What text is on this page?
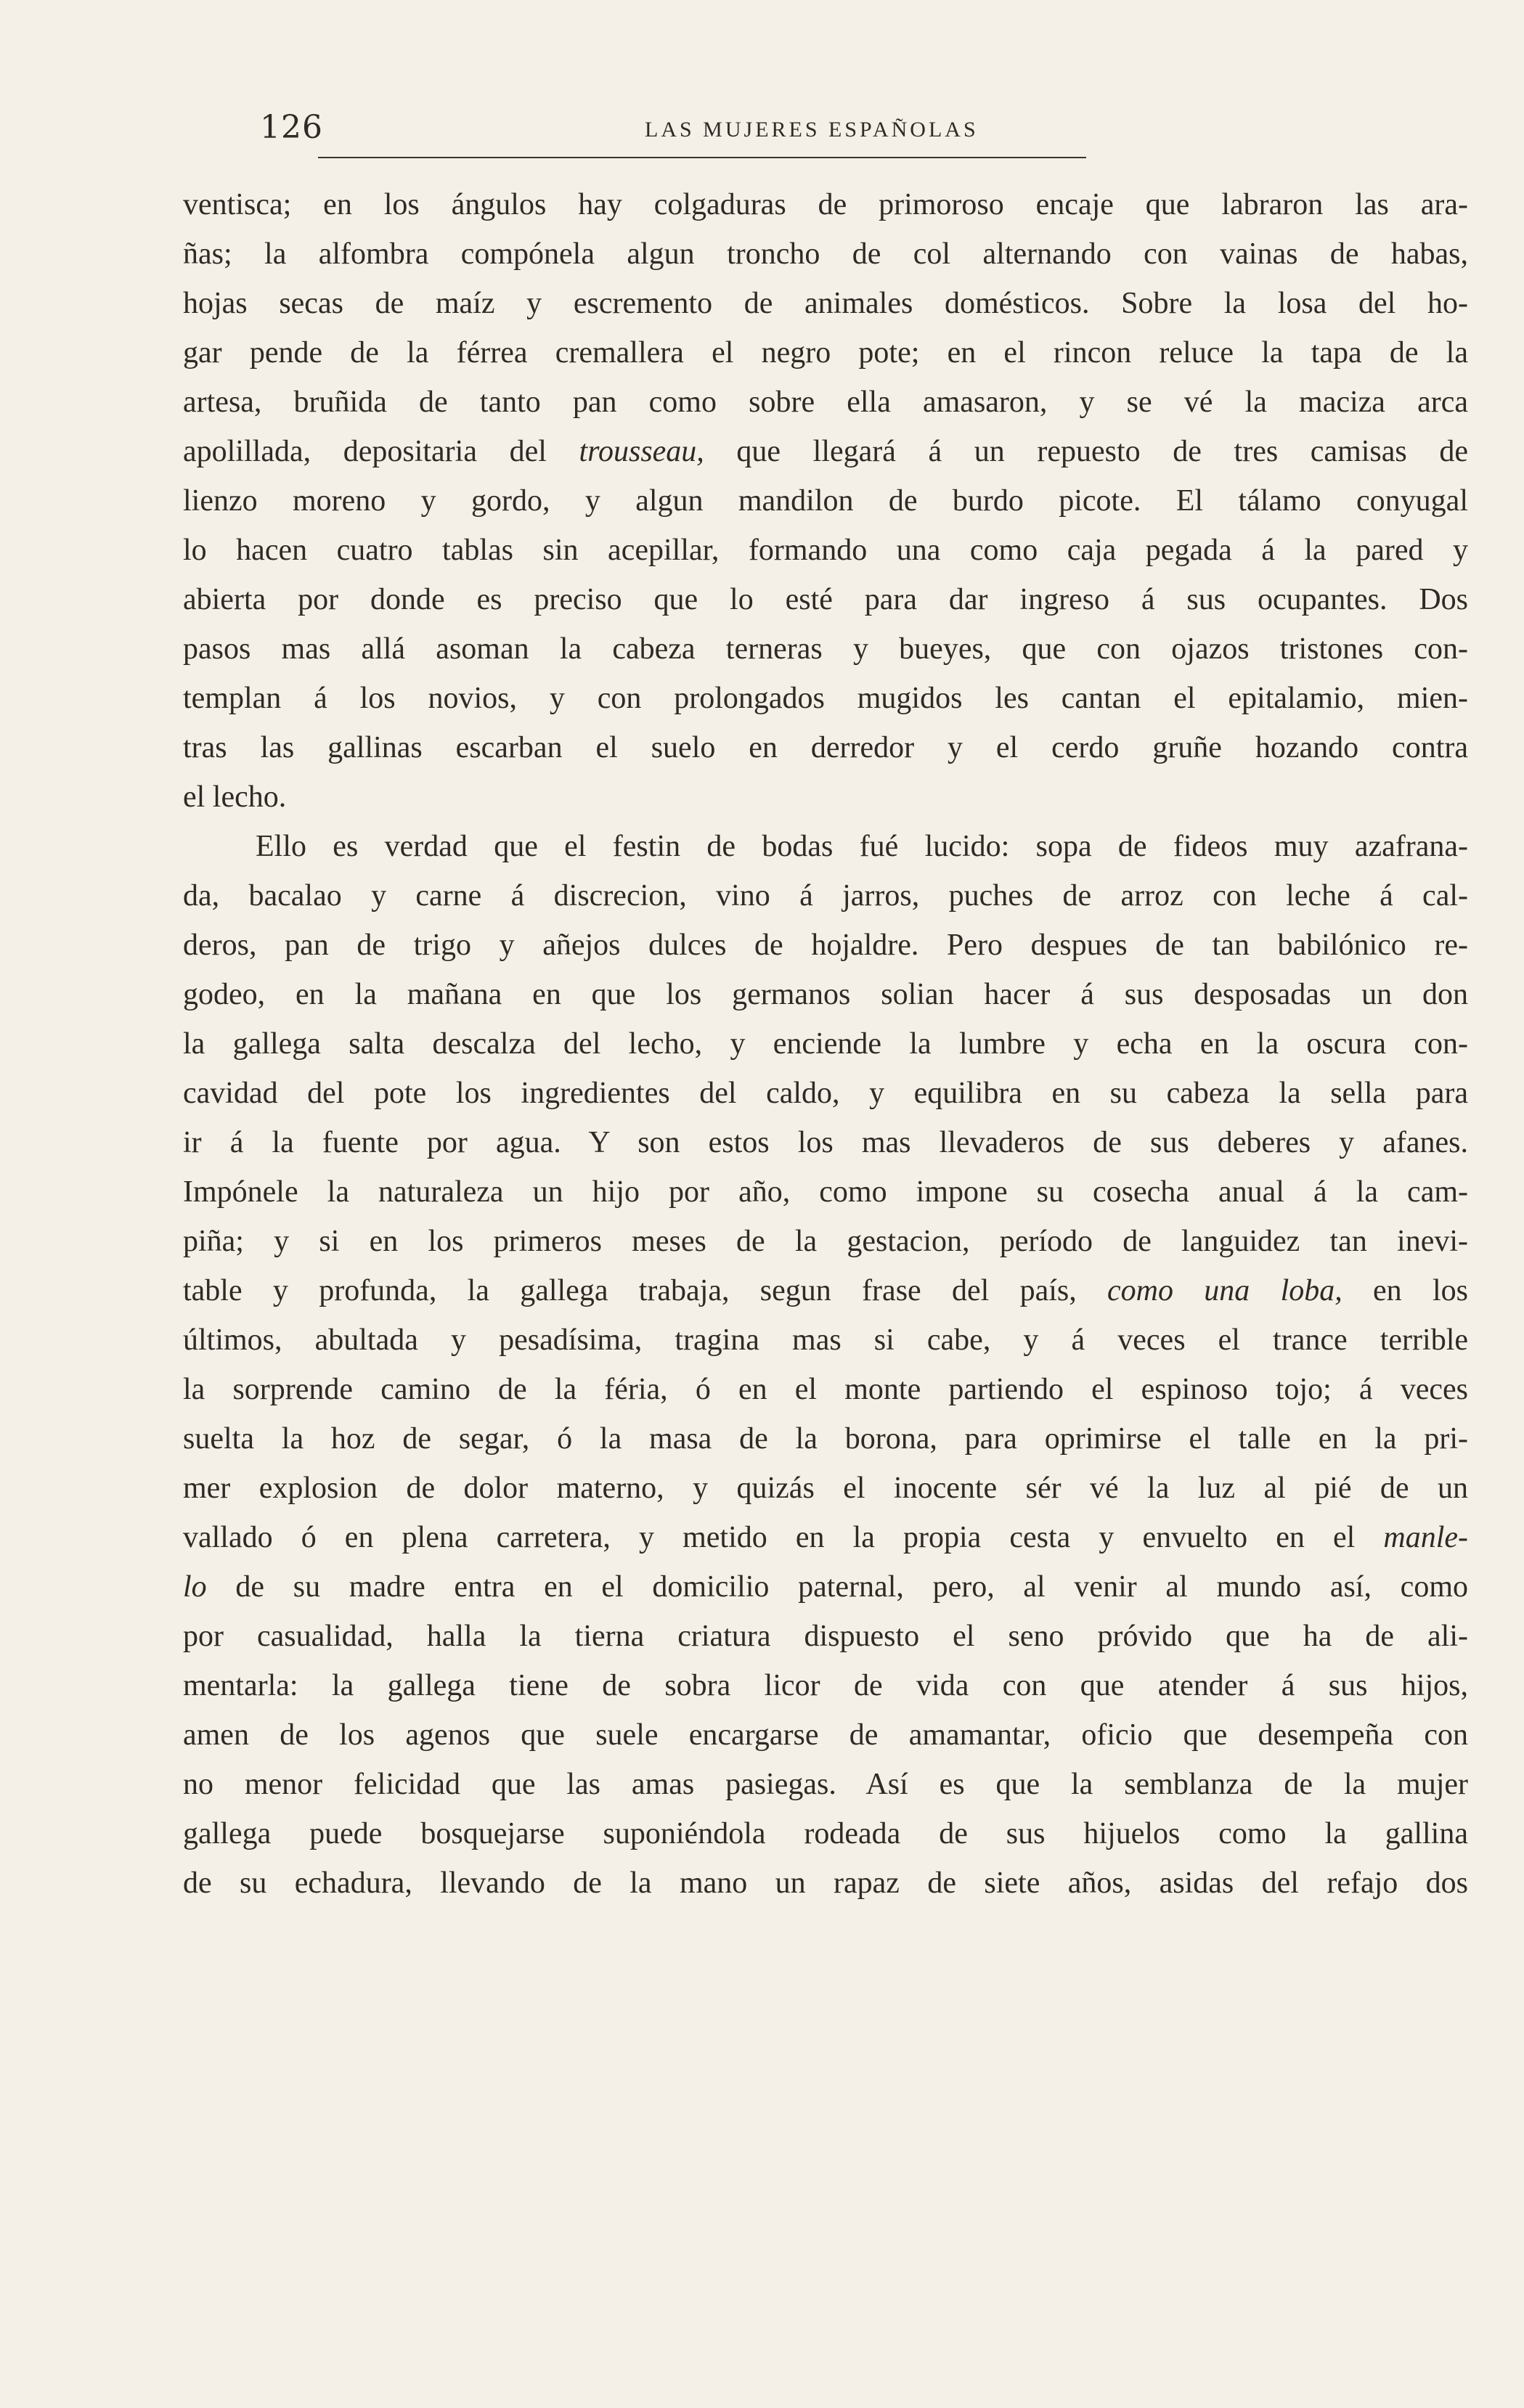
126	LAS MUJERES ESPAÑOLAS
ventisca; en los ángulos hay colgaduras de primoroso encaje que labraron las ara-
ñas; la alfombra compónela algun troncho de col alternando con vainas de habas,
hojas secas de maíz y escremento de animales domésticos. Sobre la losa del ho-
gar pende de la férrea cremallera el negro pote; en el rincon reluce la tapa de la
artesa, bruñida de tanto pan como sobre ella amasaron, y se vé la maciza arca
apolillada, depositaria del trousseau, que llegará á un repuesto de tres camisas de
lienzo moreno y gordo, y algun mandilon de burdo picote. El tálamo conyugal
lo hacen cuatro tablas sin acepillar, formando una como caja pegada á la pared y
abierta por donde es preciso que lo esté para dar ingreso á sus ocupantes. Dos
pasos mas allá asoman la cabeza terneras y bueyes, que con ojazos tristones con-
templan á los novios, y con prolongados mugidos les cantan el epitalamio, mien-
tras las gallinas escarban el suelo en derredor y el cerdo gruñe hozando contra
el lecho.
Ello es verdad que el festin de bodas fué lucido: sopa de fideos muy azafrana-
da, bacalao y carne á discrecion, vino á jarros, puches de arroz con leche á cal-
deros, pan de trigo y añejos dulces de hojaldre. Pero despues de tan babilónico re-
godeo, en la mañana en que los germanos solian hacer á sus desposadas un don
la gallega salta descalza del lecho, y enciende la lumbre y echa en la oscura con-
cavidad del pote los ingredientes del caldo, y equilibra en su cabeza la sella para
ir á la fuente por agua. Y son estos los mas llevaderos de sus deberes y afanes.
Impónele la naturaleza un hijo por año, como impone su cosecha anual á la cam-
piña; y si en los primeros meses de la gestacion, período de languidez tan inevi-
table y profunda, la gallega trabaja, segun frase del país, como una loba, en los
últimos, abultada y pesadísima, tragina mas si cabe, y á veces el trance terrible
la sorprende camino de la féria, ó en el monte partiendo el espinoso tojo; á veces
suelta la hoz de segar, ó la masa de la borona, para oprimirse el talle en la pri-
mer explosion de dolor materno, y quizás el inocente sér vé la luz al pié de un
vallado ó en plena carretera, y metido en la propia cesta y envuelto en el manle-
lo de su madre entra en el domicilio paternal, pero, al venir al mundo así, como
por casualidad, halla la tierna criatura dispuesto el seno próvido que ha de ali-
mentarla: la gallega tiene de sobra licor de vida con que atender á sus hijos,
amen de los agenos que suele encargarse de amamantar, oficio que desempeña con
no menor felicidad que las amas pasiegas. Así es que la semblanza de la mujer
gallega puede bosquejarse suponiéndola rodeada de sus hijuelos como la gallina
de su echadura, llevando de la mano un rapaz de siete años, asidas del refajo dos
